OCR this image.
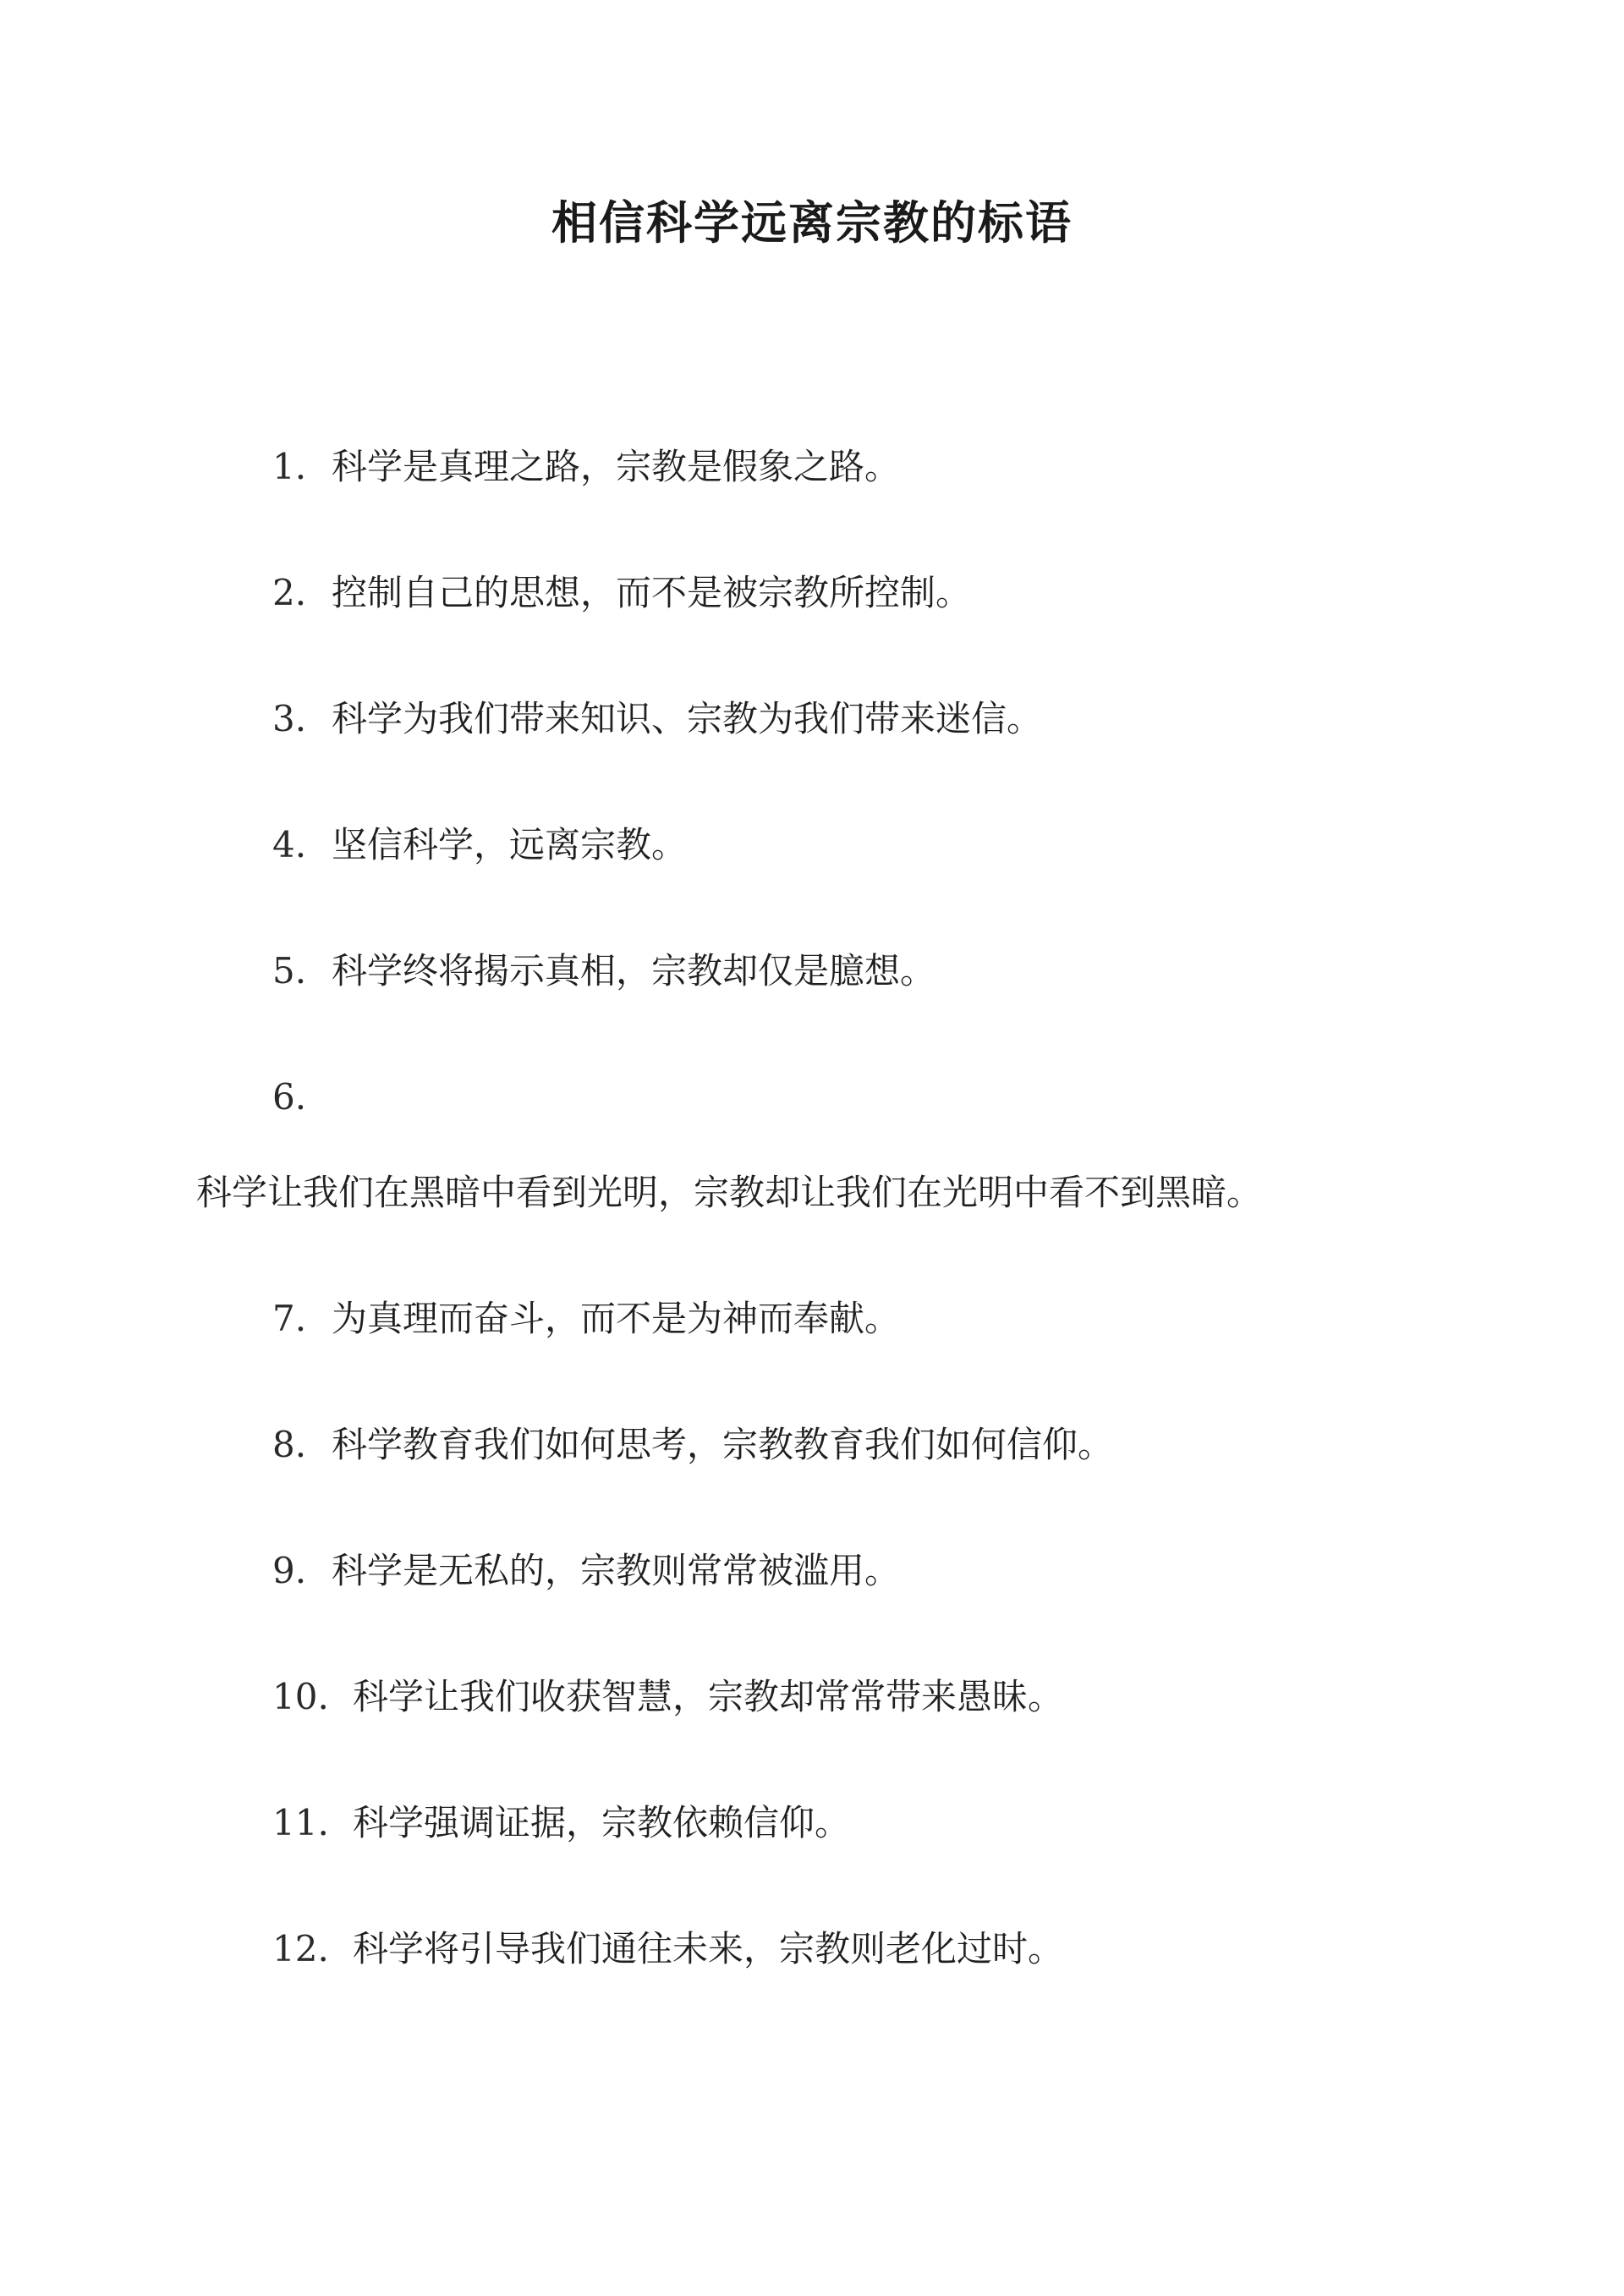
相信科学远离宗教的标语
1. 科学是真理之路，宗教是假象之路。
2. 控制自己的思想，而不是被宗教所控制。
3. 科学为我们带来知识、宗教为我们带来迷信。
4. 坚信科学，远离宗教。
5. 科学终将揭示真相，宗教却仅是臆想。
6.
科学让我们在黑暗中看到光明，宗教却让我们在光明中看不到黑暗。
7. 为真理而奋斗，而不是为神而奉献。
8. 科学教育我们如何思考，宗教教育我们如何信仰。
9. 科学是无私的，宗教则常常被滥用。
10. 科学让我们收获智慧，宗教却常常带来愚昧。
11. 科学强调证据，宗教依赖信仰。
12. 科学将引导我们通往未来，宗教则老化过时。
